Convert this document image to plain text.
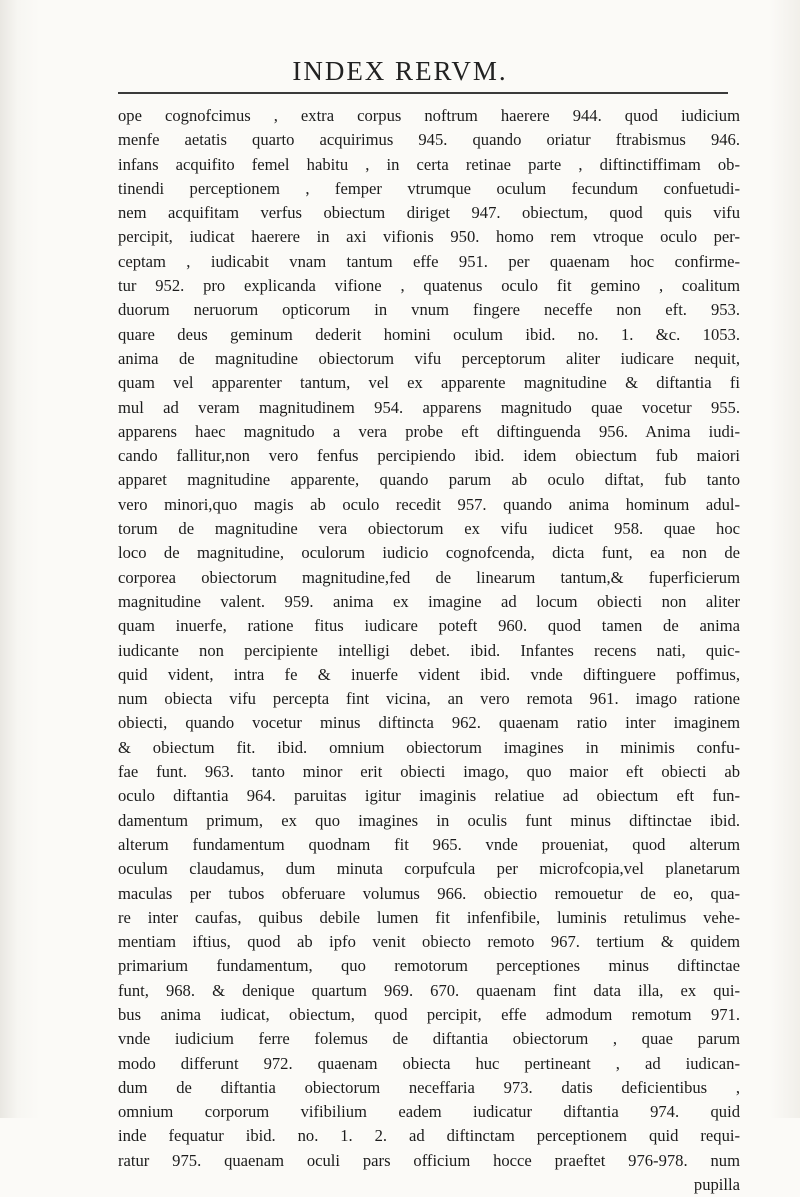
INDEX RERVM.
ope cognofcimus , extra corpus noftrum haerere 944. quod iudicium
menfe aetatis quarto acquirimus 945. quando oriatur ftrabismus 946.
infans acquifito femel habitu , in certa retinae parte , diftinctiffimam ob-
tinendi perceptionem , femper vtrumque oculum fecundum confuetudi-
nem acquifitam verfus obiectum diriget 947. obiectum, quod quis vifu
percipit, iudicat haerere in axi vifionis 950. homo rem vtroque oculo per-
ceptam , iudicabit vnam tantum effe 951. per quaenam hoc confirme-
tur 952. pro explicanda vifione , quatenus oculo fit gemino , coalitum
duorum neruorum opticorum in vnum fingere neceffe non eft. 953.
quare deus geminum dederit homini oculum ibid. no. 1. &c. 1053.
anima de magnitudine obiectorum vifu perceptorum aliter iudicare nequit,
quam vel apparenter tantum, vel ex apparente magnitudine & diftantia fi
mul ad veram magnitudinem 954. apparens magnitudo quae vocetur 955.
apparens haec magnitudo a vera probe eft diftinguenda 956. Anima iudi-
cando fallitur,non vero fenfus percipiendo ibid. idem obiectum fub maiori
apparet magnitudine apparente, quando parum ab oculo diftat, fub tanto
vero minori,quo magis ab oculo recedit 957. quando anima hominum adul-
torum de magnitudine vera obiectorum ex vifu iudicet 958. quae hoc
loco de magnitudine, oculorum iudicio cognofcenda, dicta funt, ea non de
corporea obiectorum magnitudine,fed de linearum tantum,& fuperficierum
magnitudine valent. 959. anima ex imagine ad locum obiecti non aliter
quam inuerfe, ratione fitus iudicare poteft 960. quod tamen de anima
iudicante non percipiente intelligi debet. ibid. Infantes recens nati, quic-
quid vident, intra fe & inuerfe vident ibid. vnde diftinguere poffimus,
num obiecta vifu percepta fint vicina, an vero remota 961. imago ratione
obiecti, quando vocetur minus diftincta 962. quaenam ratio inter imaginem
& obiectum fit. ibid. omnium obiectorum imagines in minimis confu-
fae funt. 963. tanto minor erit obiecti imago, quo maior eft obiecti ab
oculo diftantia 964. paruitas igitur imaginis relatiue ad obiectum eft fun-
damentum primum, ex quo imagines in oculis funt minus diftinctae ibid.
alterum fundamentum quodnam fit 965. vnde proueniat, quod alterum
oculum claudamus, dum minuta corpufcula per microfcopia,vel planetarum
maculas per tubos obferuare volumus 966. obiectio remouetur de eo, qua-
re inter caufas, quibus debile lumen fit infenfibile, luminis retulimus vehe-
mentiam iftius, quod ab ipfo venit obiecto remoto 967. tertium & quidem
primarium fundamentum, quo remotorum perceptiones minus diftinctae
funt, 968. & denique quartum 969. 670. quaenam fint data illa, ex qui-
bus anima iudicat, obiectum, quod percipit, effe admodum remotum 971.
vnde iudicium ferre folemus de diftantia obiectorum , quae parum
modo differunt 972. quaenam obiecta huc pertineant , ad iudican-
dum de diftantia obiectorum neceffaria 973. datis deficientibus ,
omnium corporum vifibilium eadem iudicatur diftantia 974. quid
inde fequatur ibid. no. 1. 2. ad diftinctam perceptionem quid requi-
ratur 975. quaenam oculi pars officium hocce praeftet 976-978. num
pupilla
